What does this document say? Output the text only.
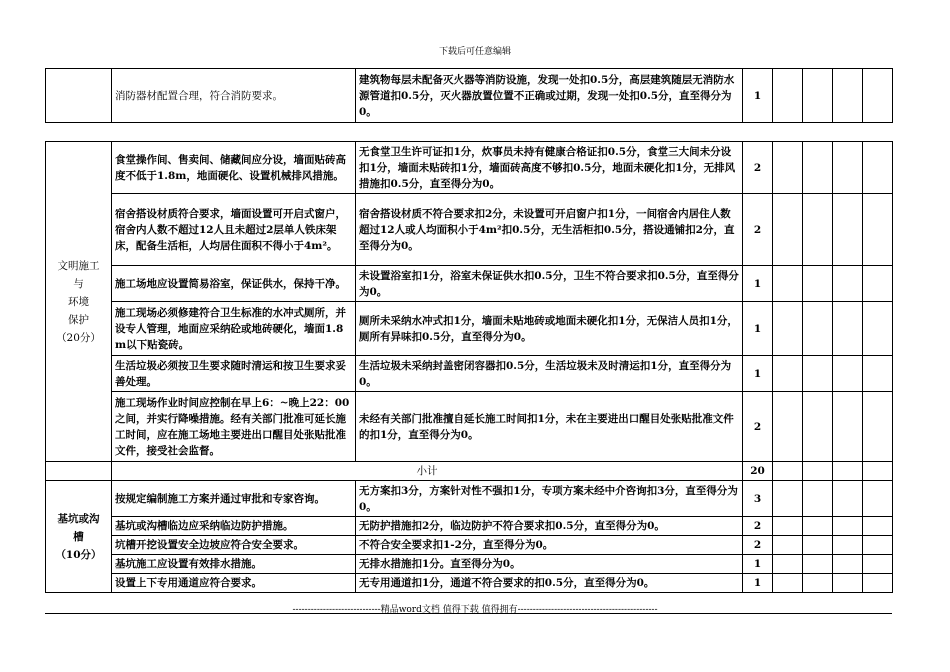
下载后可任意编辑
	消防器材配置合理，符合消防要求。	建筑物每层未配备灭火器等消防设施，发现一处扣0.5分，高层建筑随层无消防水源管道扣0.5分，灭火器放置位置不正确或过期，发现一处扣0.5分，直至得分为0。	1				
文明施工
与
环境
保护
（20分）	食堂操作间、售卖间、储藏间应分设，墙面贴砖高度不低于1.8m，地面硬化、设置机械排风措施。	无食堂卫生许可证扣1分，炊事员未持有健康合格证扣0.5分，食堂三大间未分设扣1分，墙面未贴砖扣1分，墙面砖高度不够扣0.5分，地面未硬化扣1分，无排风措施扣0.5分，直至得分为0。	2				
	宿舍搭设材质符合要求，墙面设置可开启式窗户，宿舍内人数不超过12人且未超过2层单人铁床架床，配备生活柜，人均居住面积不得小于4m²。	宿舍搭设材质不符合要求扣2分，未设置可开启窗户扣1分，一间宿舍内居住人数超过12人或人均面积小于4m²扣0.5分，无生活柜扣0.5分，搭设通铺扣2分，直至得分为0。	2				
	施工场地应设置简易浴室，保证供水，保持干净。	未设置浴室扣1分，浴室未保证供水扣0.5分，卫生不符合要求扣0.5分，直至得分为0。	1				
	施工现场必须修建符合卫生标准的水冲式厕所，并设专人管理，地面应采纳砼或地砖硬化，墙面1.8m以下贴瓷砖。	厕所未采纳水冲式扣1分，墙面未贴地砖或地面未硬化扣1分，无保洁人员扣1分，厕所有异味扣0.5分，直至得分为0。	1				
	生活垃圾必须按卫生要求随时清运和按卫生要求妥善处理。	生活垃圾未采纳封盖密闭容器扣0.5分，生活垃圾未及时清运扣1分，直至得分为0。	1				
	施工现场作业时间应控制在早上6：~晚上22：00之间，并实行降噪措施。经有关部门批准可延长施工时间，应在施工场地主要进出口醒目处张贴批准文件，接受社会监督。	未经有关部门批准擅自延长施工时间扣1分，未在主要进出口醒目处张贴批准文件的扣1分，直至得分为0。	2				
	小计		20				

基坑或沟
槽
（10分）	按规定编制施工方案并通过审批和专家咨询。	无方案扣3分，方案针对性不强扣1分，专项方案未经中介咨询扣3分，直至得分为0。	3				
	基坑或沟槽临边应采纳临边防护措施。	无防护措施扣2分，临边防护不符合要求扣0.5分，直至得分为0。	2				
	坑槽开挖设置安全边坡应符合安全要求。	不符合安全要求扣1-2分，直至得分为0。	2				
	基坑施工应设置有效排水措施。	无排水措施扣1分。直至得分为0。	1				
	设置上下专用通道应符合要求。	无专用通道扣1分，通道不符合要求的扣0.5分，直至得分为0。	1				
-----------------------------精品word文档 值得下载 值得拥有----------------------------------------------
